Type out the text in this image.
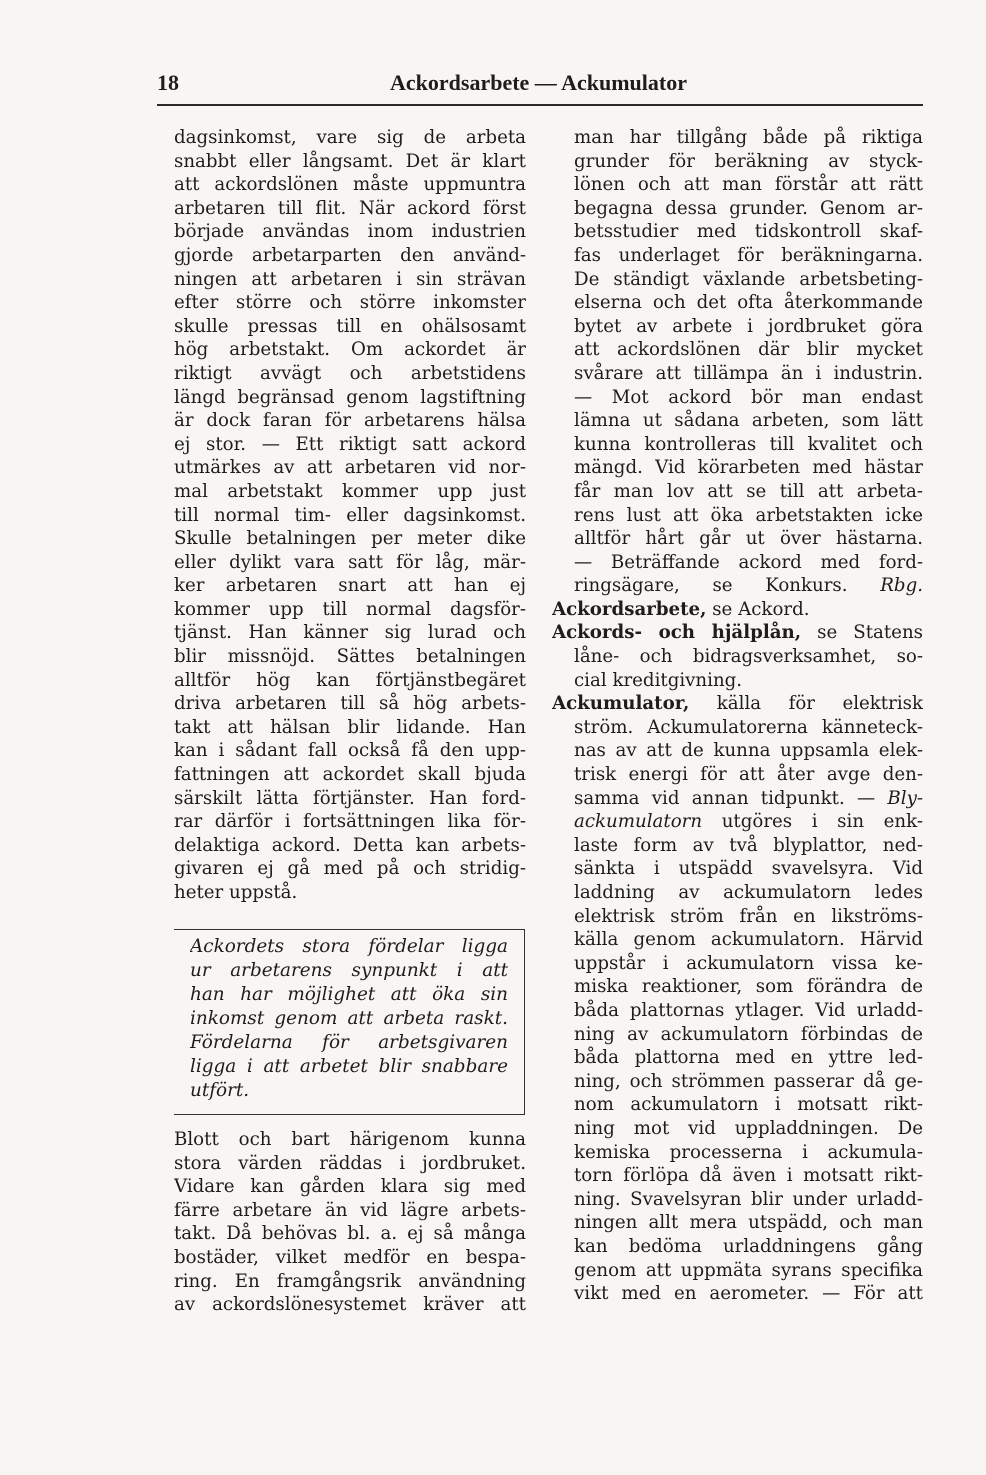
18	Ackordsarbete — Ackumulator
dagsinkomst, vare sig de arbeta
snabbt eller långsamt. Det är klart
att ackordslönen måste uppmuntra
arbetaren till flit. När ackord först
började användas inom industrien
gjorde arbetarparten den använd-
ningen att arbetaren i sin strävan
efter större och större inkomster
skulle pressas till en ohälsosamt
hög arbetstakt. Om ackordet är
riktigt avvägt och arbetstidens
längd begränsad genom lagstiftning
är dock faran för arbetarens hälsa
ej stor. — Ett riktigt satt ackord
utmärkes av att arbetaren vid nor-
mal arbetstakt kommer upp just
till normal tim- eller dagsinkomst.
Skulle betalningen per meter dike
eller dylikt vara satt för låg, mär-
ker arbetaren snart att han ej
kommer upp till normal dagsför-
tjänst. Han känner sig lurad och
blir missnöjd. Sättes betalningen
alltför hög kan förtjänstbegäret
driva arbetaren till så hög arbets-
takt att hälsan blir lidande. Han
kan i sådant fall också få den upp-
fattningen att ackordet skall bjuda
särskilt lätta förtjänster. Han ford-
rar därför i fortsättningen lika för-
delaktiga ackord. Detta kan arbets-
givaren ej gå med på och stridig-
heter uppstå.
Ackordets stora fördelar ligga
ur arbetarens synpunkt i att
han har möjlighet att öka sin
inkomst genom att arbeta raskt.
Fördelarna för arbetsgivaren
ligga i att arbetet blir snabbare
utfört.
Blott och bart härigenom kunna
stora värden räddas i jordbruket.
Vidare kan gården klara sig med
färre arbetare än vid lägre arbets-
takt. Då behövas bl. a. ej så många
bostäder, vilket medför en bespa-
ring. En framgångsrik användning
av ackordslönesystemet kräver att
man har tillgång både på riktiga
grunder för beräkning av styck-
lönen och att man förstår att rätt
begagna dessa grunder. Genom ar-
betsstudier med tidskontroll skaf-
fas underlaget för beräkningarna.
De ständigt växlande arbetsbeting-
elserna och det ofta återkommande
bytet av arbete i jordbruket göra
att ackordslönen där blir mycket
svårare att tillämpa än i industrin.
— Mot ackord bör man endast
lämna ut sådana arbeten, som lätt
kunna kontrolleras till kvalitet och
mängd. Vid körarbeten med hästar
får man lov att se till att arbeta-
rens lust att öka arbetstakten icke
alltför hårt går ut över hästarna.
— Beträffande ackord med ford-
ringsägare, se Konkurs. Rbg.
Ackordsarbete, se Ackord.
Ackords- och hjälplån, se Statens
låne- och bidragsverksamhet, so-
cial kreditgivning.
Ackumulator, källa för elektrisk
ström. Ackumulatorerna känneteck-
nas av att de kunna uppsamla elek-
trisk energi för att åter avge den-
samma vid annan tidpunkt. — Bly-
ackumulatorn utgöres i sin enk-
laste form av två blyplattor, ned-
sänkta i utspädd svavelsyra. Vid
laddning av ackumulatorn ledes
elektrisk ström från en likströms-
källa genom ackumulatorn. Härvid
uppstår i ackumulatorn vissa ke-
miska reaktioner, som förändra de
båda plattornas ytlager. Vid urladd-
ning av ackumulatorn förbindas de
båda plattorna med en yttre led-
ning, och strömmen passerar då ge-
nom ackumulatorn i motsatt rikt-
ning mot vid uppladdningen. De
kemiska processerna i ackumula-
torn förlöpa då även i motsatt rikt-
ning. Svavelsyran blir under urladd-
ningen allt mera utspädd, och man
kan bedöma urladdningens gång
genom att uppmäta syrans specifika
vikt med en aerometer. — För att
